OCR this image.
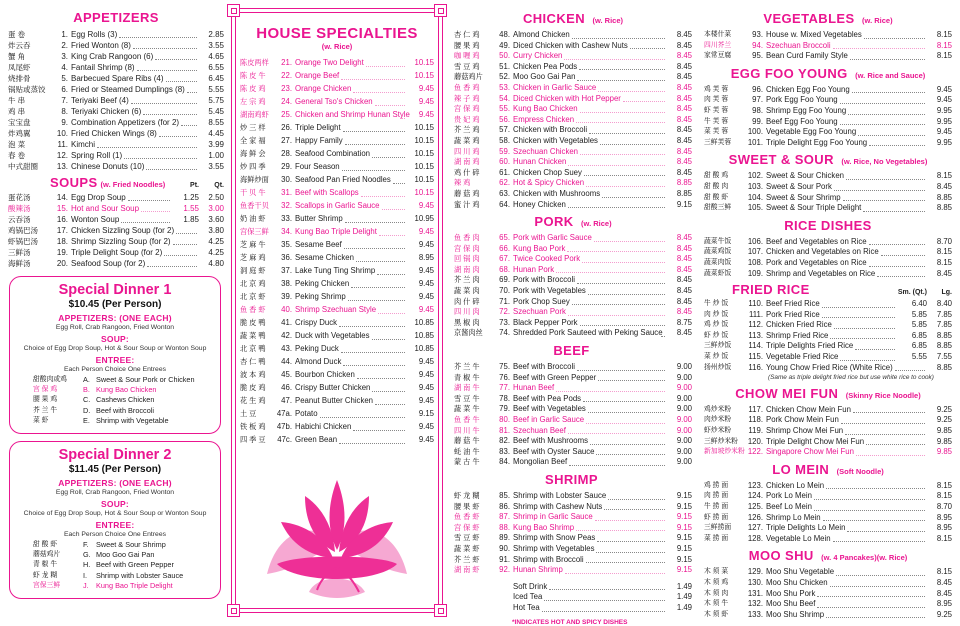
APPETIZERS
蛋 卷	1. Egg Rolls (3)	2.85
炸云吞	2. Fried Wonton (8)	3.55
蟹 角	3. King Crab Rangoon (6)	4.65
凤尾虾	4. Fantail Shrimp (8)	6.55
烧排骨	5. Barbecued Spare Ribs (4)	6.45
锅贴或蒸饺	6. Fried or Steamed Dumplings (8)	5.55
牛 串	7. Teriyaki Beef (4)	5.75
鸡 串	8. Teriyaki Chicken (6)	5.45
宝宝盘	9. Combination Appetizers (for 2)	8.55
炸鸡翼	10. Fried Chicken Wings (8)	4.45
泡 菜	11. Kimchi	3.99
春 卷	12. Spring Roll (1)	1.00
中式甜圈	13. Chinese Donuts (10)	3.55
SOUPS (w. Fried Noodles)	Pt.	Qt.
蛋花汤	14. Egg Drop Soup	1.25	2.50
酸辣汤	15. Hot and Sour Soup	1.55	3.00
云吞汤	16. Wonton Soup	1.85	3.60
鸡锅巴汤	17. Chicken Sizzling Soup (for 2)	3.80
虾锅巴汤	18. Shrimp Sizzling Soup (for 2)	4.25
三鲜汤	19. Triple Delight Soup (for 2)	4.25
海鲜汤	20. Seafood Soup (for 2)	4.80
Special Dinner 1
$10.45 (Per Person)
APPETIZERS: (ONE EACH)
Egg Roll, Crab Rangoon, Fried Wonton
SOUP:
Choice of Egg Drop Soup, Hot & Sour Soup or Wonton Soup
ENTREE:
Each Person Choice One Entrees
甜酸肉或鸡	A. Sweet & Sour Pork or Chicken
宫 保 鸡	B. Kung Bao Chicken
腰 果 鸡	C. Cashews Chicken
芥 兰 牛	D. Beef with Broccoli
菜 虾	E. Shrimp with Vegetable
Special Dinner 2
$11.45 (Per Person)
APPETIZERS: (ONE EACH)
Egg Roll, Crab Rangoon, Fried Wonton
SOUP:
Choice of Egg Drop Soup, Hot & Sour Soup or Wonton Soup
ENTREE:
Each Person Choice One Entrees
甜 酸 虾	F.	Sweet & Sour Shrimp
蘑菇鸡片	G. Moo Goo Gai Pan
青 椒 牛	H. Beef with Green Pepper
虾 龙 糊	I.	Shrimp with Lobster Sauce
宫保三鲜	J.	Kung Bao Triple Delight
HOUSE SPECIALTIES
(w. Rice)
陈皮两样	21. Orange Two Delight	10.15
陈 皮 牛	22. Orange Beef	10.15
陈 皮 鸡	23. Orange Chicken	9.45
左 宗 鸡	24. General Tso's Chicken	9.45
湖南鸡虾	25. Chicken and Shrimp Hunan Style	9.45
炒 三 样	26. Triple Delight	10.15
全 家 福	27. Happy Family	10.15
海 鲜 会	28. Seafood Combination	10.15
炒 四 季	29. Four Season	10.15
海鲜炒面	30. Seafood Pan Fried Noodles	10.15
干 贝 牛	31. Beef with Scallops	10.15
鱼香干贝	32. Scallops in Garlic Sauce	9.45
奶 油 虾	33. Butter Shrimp	10.95
宫保三鲜	34. Kung Bao Triple Delight	9.45
芝 麻 牛	35. Sesame Beef	9.45
芝 麻 鸡	36. Sesame Chicken	8.95
洞 庭 虾	37. Lake Tung Ting Shrimp	9.45
北 京 鸡	38. Peking Chicken	9.45
北 京 虾	39. Peking Shrimp	9.45
鱼 香 虾	40. Shrimp Szechuan Style	9.45
脆 皮 鸭	41. Crispy Duck	10.85
蔬 菜 鸭	42. Duck with Vegetables	10.85
北 京 鸭	43. Peking Duck	10.85
杏 仁 鸭	44. Almond Duck	9.45
波 本 鸡	45. Bourbon Chicken	9.45
脆 皮 鸡	46. Crispy Butter Chicken	9.45
花 生 鸡	47. Peanut Butter Chicken	9.45
土 豆	47a. Potato	9.15
铁 板 鸡	47b. Habichi Chicken	9.45
四 季 豆	47c. Green Bean	9.45
CHICKEN (w. Rice)
杏 仁 鸡	48. Almond Chicken	8.45
腰 果 鸡	49. Diced Chicken with Cashew Nuts	8.45
咖 喱 鸡	50. Curry Chicken	8.45
雪 豆 鸡	51. Chicken Pea Pods	8.45
蘑菇鸡片	52. Moo Goo Gai Pan	8.45
鱼 香 鸡	53. Chicken in Garlic Sauce	8.45
辣 子 鸡	54. Diced Chicken with Hot Pepper	8.45
宫 保 鸡	55. Kung Bao Chicken	8.45
贵 妃 鸡	56. Empress Chicken	8.45
芥 兰 鸡	57. Chicken with Broccoli	8.45
蔬 菜 鸡	58. Chicken with Vegetables	8.45
四 川 鸡	59. Szechuan Chicken	8.45
湖 南 鸡	60. Hunan Chicken	8.45
鸡 什 碎	61. Chicken Chop Suey	8.45
辣 鸡	62. Hot & Spicy Chicken	8.85
蘑 菇 鸡	63. Chicken with Mushrooms	8.85
蜜 汁 鸡	64. Honey Chicken	9.15
PORK (w. Rice)
鱼 香 肉	65. Pork with Garlic Sauce	8.45
宫 保 肉	66. Kung Bao Pork	8.45
回 锅 肉	67. Twice Cooked Pork	8.45
湖 南 肉	68. Hunan Pork	8.45
芥 兰 肉	69. Pork with Broccoli	8.45
蔬 菜 肉	70. Pork with Vegetables	8.45
肉 什 碎	71. Pork Chop Suey	8.45
四 川 肉	72. Szechuan Pork	8.45
黑 椒 肉	73. Black Pepper Pork	8.75
京酱肉丝	74. Shredded Pork Sauteed with Peking Sauce	8.45
BEEF
芥 兰 牛	75. Beef with Broccoli	9.00
青 椒 牛	76. Beef with Green Pepper	9.00
湖 南 牛	77. Hunan Beef	9.00
雪 豆 牛	78. Beef with Pea Pods	9.00
蔬 菜 牛	79. Beef with Vegetables	9.00
鱼 香 牛	80. Beef in Garlic Sauce	9.00
四 川 牛	81. Szechuan Beef	9.00
蘑 菇 牛	82. Beef with Mushrooms	9.00
蚝 油 牛	83. Beef with Oyster Sauce	9.00
蒙 古 牛	84. Mongolian Beef	9.00
SHRIMP
虾 龙 糊	85. Shrimp with Lobster Sauce	9.15
腰 果 虾	86. Shrimp with Cashew Nuts	9.15
鱼 香 虾	87. Shrimp in Garlic Sauce	9.15
宫 保 虾	88. Kung Bao Shrimp	9.15
雪 豆 虾	89. Shrimp with Snow Peas	9.15
蔬 菜 虾	90. Shrimp with Vegetables	9.15
芥 兰 虾	91. Shrimp with Broccoli	9.15
湖 南 虾	92. Hunan Shrimp	9.15
Soft Drink	1.49
Iced Tea	1.49
Hot Tea	1.49
*INDICATES HOT AND SPICY DISHES
VEGETABLES (w. Rice)
本楼什菜	93. House w. Mixed Vegetables	8.15
四川芥兰	94. Szechuan Broccoli	8.15
家常豆腐	95. Bean Curd Family Style	8.15
EGG FOO YOUNG (w. Rice and Sauce)
鸡 芙 蓉	96. Chicken Egg Foo Young	9.45
肉 芙 蓉	97. Pork Egg Foo Young	9.45
虾 芙 蓉	98. Shrimp Egg Foo Young	9.95
牛 芙 蓉	99. Beef Egg Foo Young	9.95
菜 芙 蓉	100. Vegetable Egg Foo Young	9.45
三鲜芙蓉	101. Triple Delight Egg Foo Young	9.95
SWEET & SOUR (w. Rice, No Vegetables)
甜 酸 鸡	102. Sweet & Sour Chicken	8.15
甜 酸 肉	103. Sweet & Sour Pork	8.45
甜 酸 虾	104. Sweet & Sour Shrimp	8.85
甜酸三鲜	105. Sweet & Sour Triple Delight	8.85
RICE DISHES
蔬菜牛饭	106. Beef and Vegetables on Rice	8.70
蔬菜鸡饭	107. Chicken and Vegetables on Rice	8.15
蔬菜肉饭	108. Pork and Vegetables on Rice	8.15
蔬菜虾饭	109. Shrimp and Vegetables on Rice	8.45
FRIED RICE	Sm. (Qt.)	Lg.
牛 炒 饭	110. Beef Fried Rice	6.40	8.40
肉 炒 饭	111. Pork Fried Rice	5.85	7.85
鸡 炒 饭	112. Chicken Fried Rice	5.85	7.85
虾 炒 饭	113. Shrimp Fried Rice	6.85	8.85
三鲜炒饭	114. Triple Delights Fried Rice	6.85	8.85
菜 炒 饭	115. Vegetable Fried Rice	5.55	7.55
扬州炒饭	116. Young Chow Fried Rice (White Rice)	8.85
(Same as triple delight fried rice but use white rice to cook)
CHOW MEI FUN (Skinny Rice Noodle)
鸡炒米粉	117. Chicken Chow Mein Fun	9.25
肉炒米粉	118. Pork Chow Mein Fun	9.25
虾炒米粉	119. Shrimp Chow Mei Fun	9.85
三鲜炒米粉	120. Triple Delight Chow Mei Fun	9.85
新加坡炒米粉 122. Singapore Chow Mei Fun	9.85
LO MEIN (Soft Noodle)
鸡 捞 面	123. Chicken Lo Mein	8.15
肉 捞 面	124. Pork Lo Mein	8.15
牛 捞 面	125. Beef Lo Mein	8.70
虾 捞 面	126. Shrimp Lo Mein	8.95
三鲜捞面	127. Triple Delights Lo Mein	8.95
菜 捞 面	128. Vegetable Lo Mein	8.15
MOO SHU (w. 4 Pancakes)(w. Rice)
木 须 菜	129. Moo Shu Vegetable	8.15
木 须 鸡	130. Moo Shu Chicken	8.45
木 须 肉	131. Moo Shu Pork	8.45
木 须 牛	132. Moo Shu Beef	8.95
木 须 虾	133. Moo Shu Shrimp	9.25
